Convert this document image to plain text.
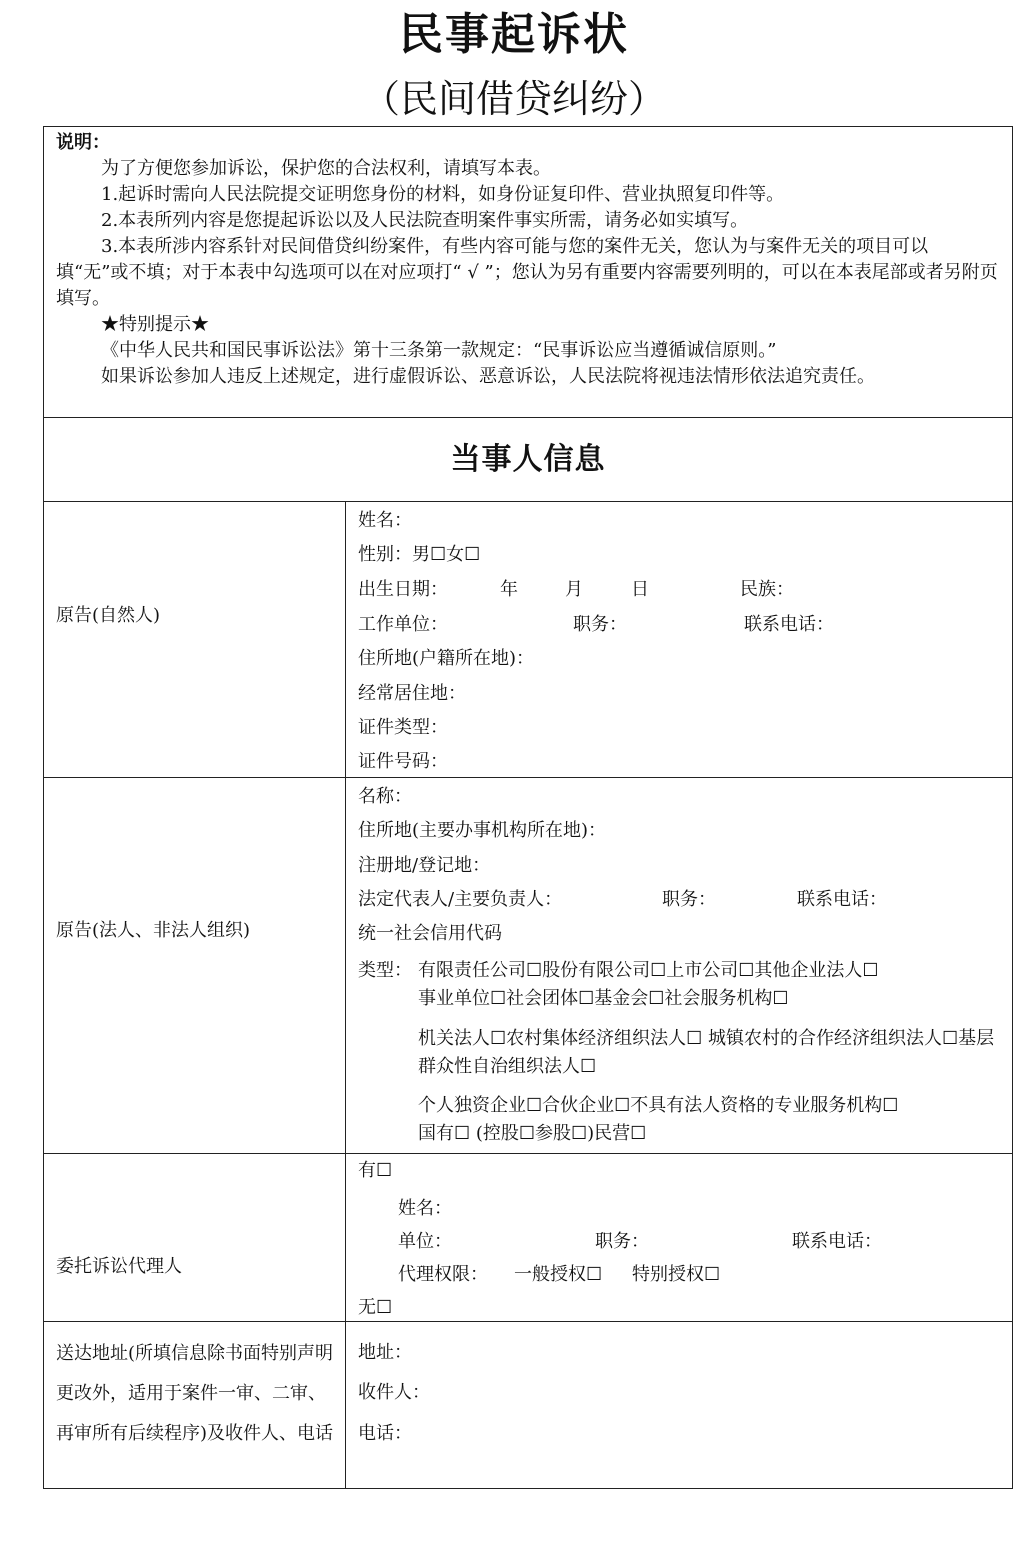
民事起诉状
（民间借贷纠纷）
说明：
为了方便您参加诉讼，保护您的合法权利，请填写本表。
1.起诉时需向人民法院提交证明您身份的材料，如身份证复印件、营业执照复印件等。
2.本表所列内容是您提起诉讼以及人民法院查明案件事实所需，请务必如实填写。
3.本表所涉内容系针对民间借贷纠纷案件，有些内容可能与您的案件无关，您认为与案件无关的项目可以填“无”或不填；对于本表中勾选项可以在对应项打“ √ ”；您认为另有重要内容需要列明的，可以在本表尾部或者另附页填写。
★特别提示★
《中华人民共和国民事诉讼法》第十三条第一款规定：“民事诉讼应当遵循诚信原则。”
如果诉讼参加人违反上述规定，进行虚假诉讼、恶意诉讼，人民法院将视违法情形依法追究责任。
当事人信息
原告(自然人)
姓名：
性别：男☐女☐
出生日期：	年	月	日	民族：
工作单位：	职务：	联系电话：
住所地(户籍所在地)：
经常居住地：
证件类型：
证件号码：
原告(法人、非法人组织)
名称：
住所地(主要办事机构所在地)：
注册地/登记地：
法定代表人/主要负责人：	职务：	联系电话：
统一社会信用代码
类型： 有限责任公司☐股份有限公司☐上市公司☐其他企业法人☐
事业单位☐社会团体☐基金会☐社会服务机构☐
机关法人☐农村集体经济组织法人☐ 城镇农村的合作经济组织法人☐基层群众性自治组织法人☐
个人独资企业☐合伙企业☐不具有法人资格的专业服务机构☐
国有☐ (控股☐参股☐)民营☐
委托诉讼代理人
有☐
姓名：
单位：	职务：	联系电话：
代理权限： 一般授权☐ 特别授权☐
无☐
送达地址(所填信息除书面特别声明更改外，适用于案件一审、二审、再审所有后续程序)及收件人、电话
地址：
收件人：
电话：
